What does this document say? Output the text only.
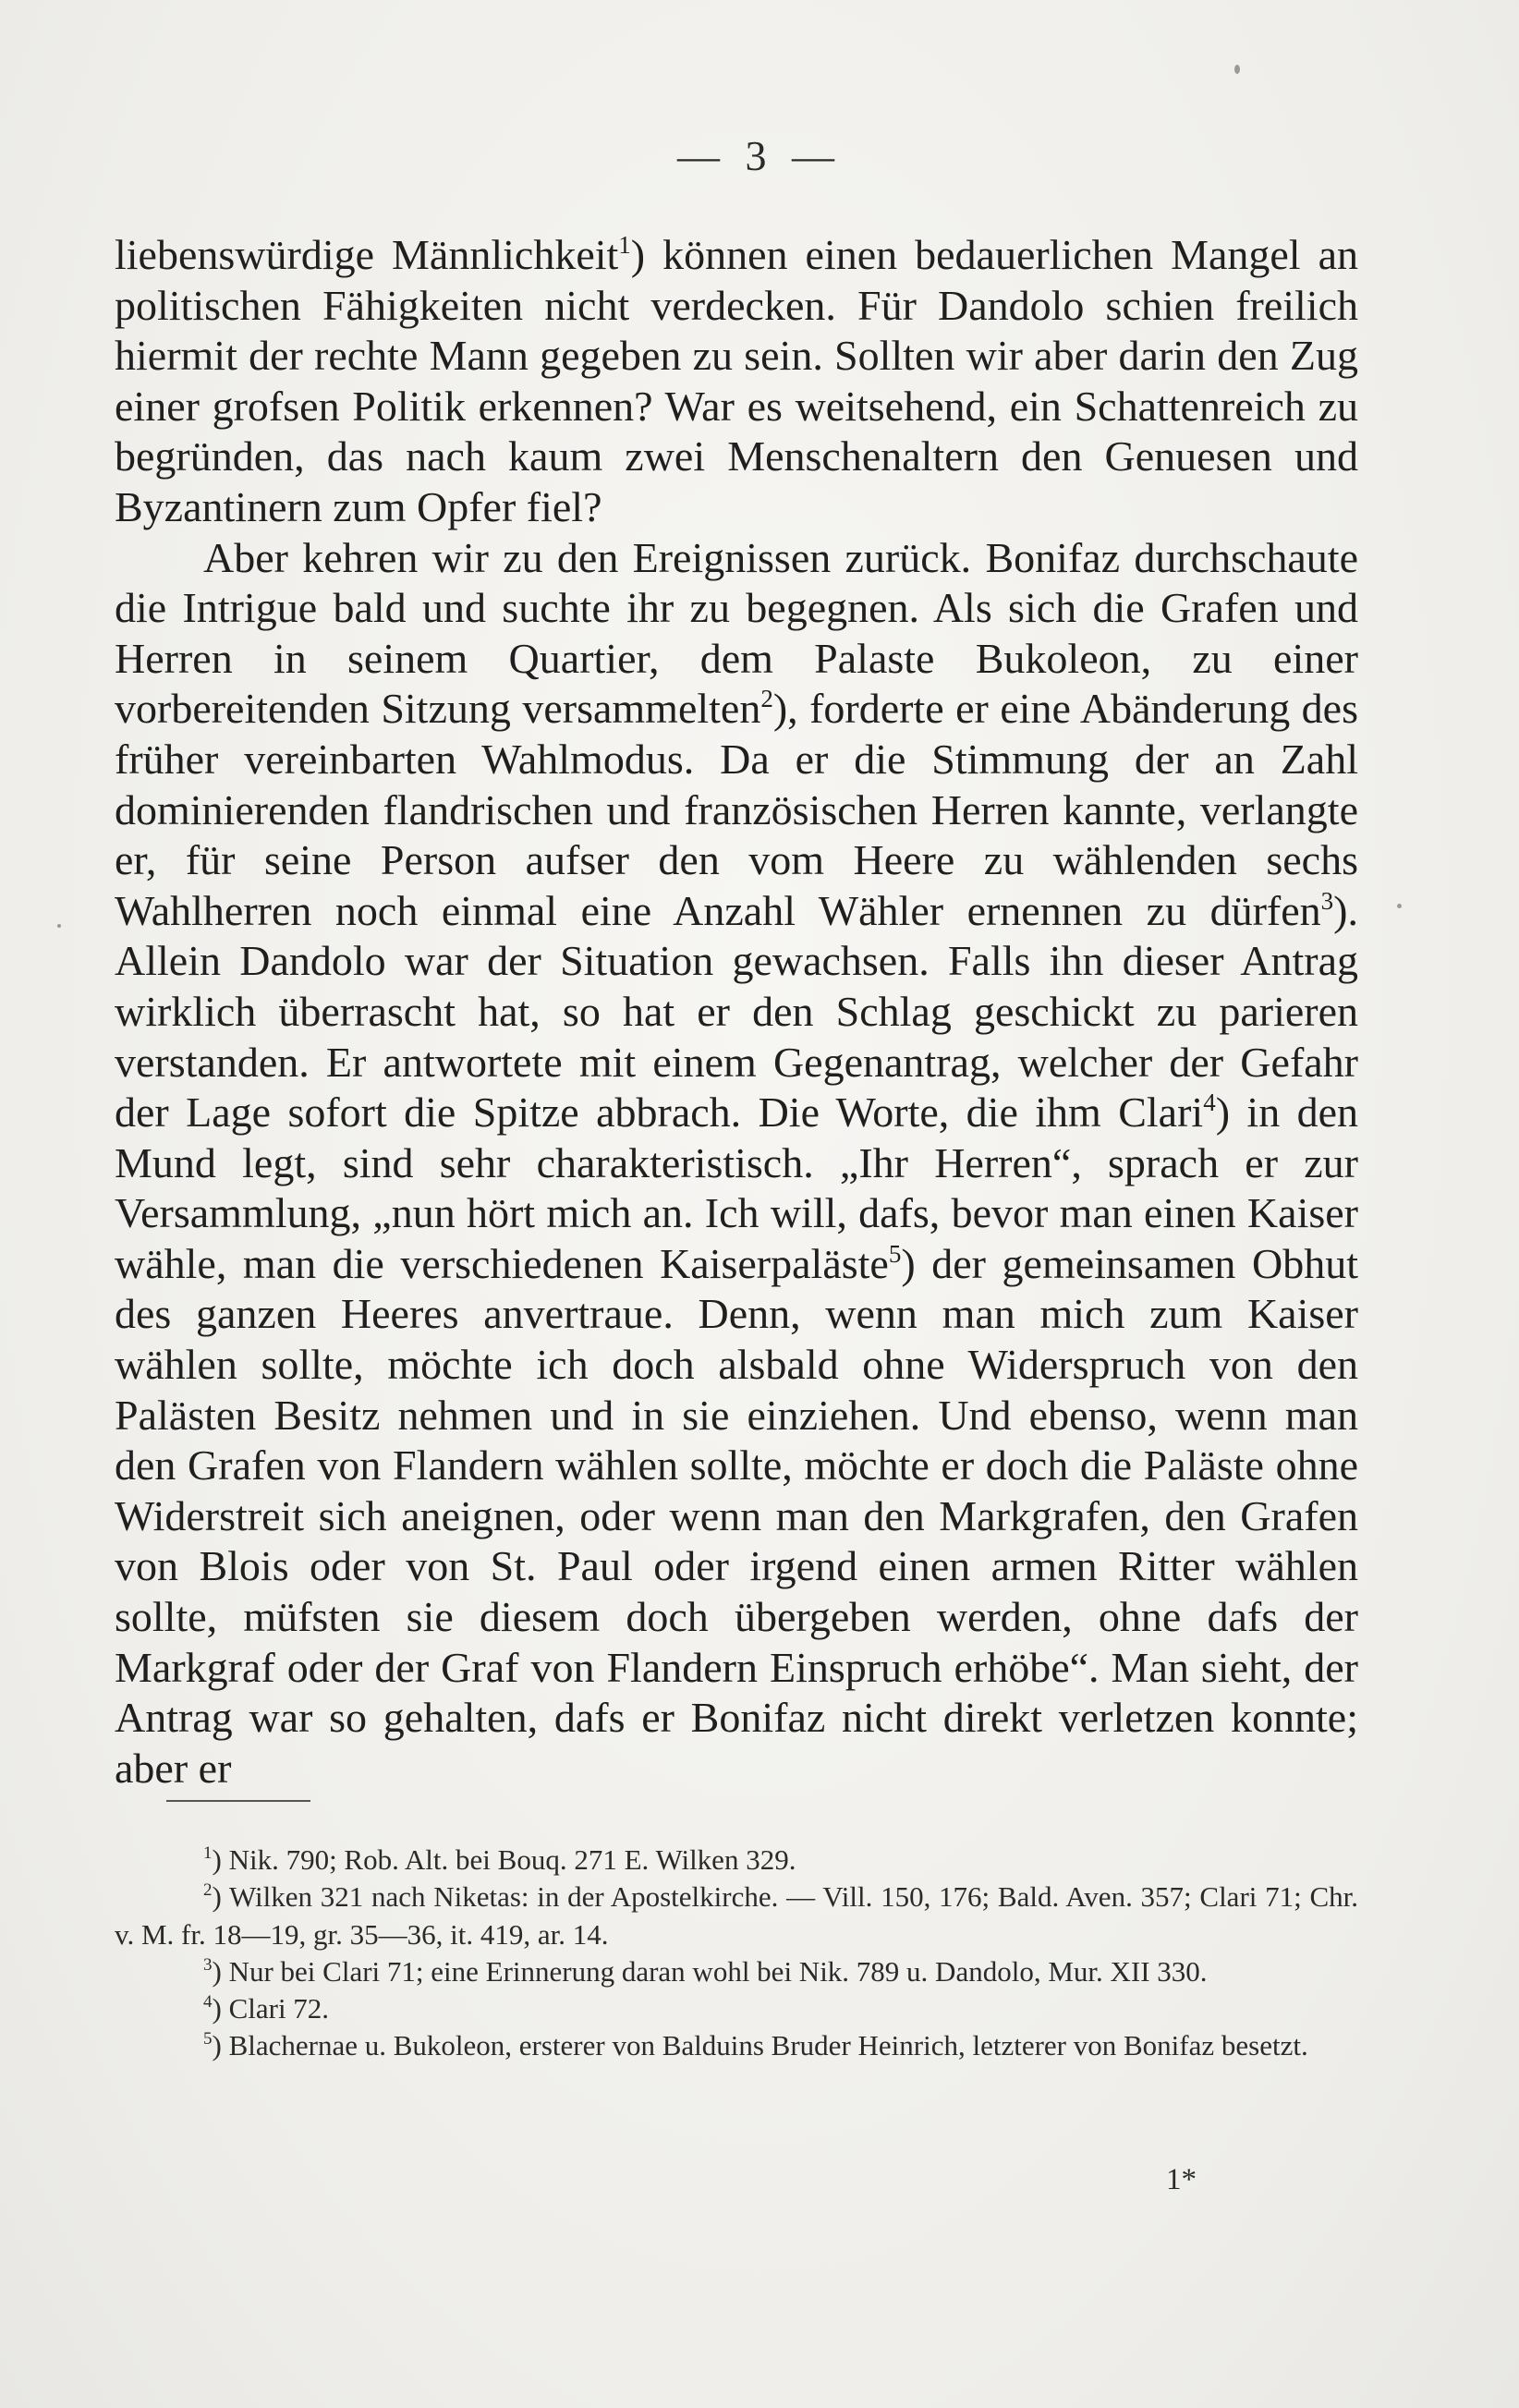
— 3 —

liebenswürdige Männlichkeit$^1$) können einen bedauerlichen Mangel an politischen Fähigkeiten nicht verdecken. Für Dandolo schien freilich hiermit der rechte Mann gegeben zu sein. Sollten wir aber darin den Zug einer grofsen Politik erkennen? War es weitsehend, ein Schattenreich zu begründen, das nach kaum zwei Menschenaltern den Genuesen und Byzantinern zum Opfer fiel?

Aber kehren wir zu den Ereignissen zurück. Bonifaz durchschaute die Intrigue bald und suchte ihr zu begegnen. Als sich die Grafen und Herren in seinem Quartier, dem Palaste Bukoleon, zu einer vorbereitenden Sitzung versammelten$^2$), forderte er eine Abänderung des früher vereinbarten Wahlmodus. Da er die Stimmung der an Zahl dominierenden flandrischen und französischen Herren kannte, verlangte er, für seine Person aufser den vom Heere zu wählenden sechs Wahlherren noch einmal eine Anzahl Wähler ernennen zu dürfen$^3$). Allein Dandolo war der Situation gewachsen. Falls ihn dieser Antrag wirklich überrascht hat, so hat er den Schlag geschickt zu parieren verstanden. Er antwortete mit einem Gegenantrag, welcher der Gefahr der Lage sofort die Spitze abbrach. Die Worte, die ihm Clari$^4$) in den Mund legt, sind sehr charakteristisch. „Ihr Herren“, sprach er zur Versammlung, „nun hört mich an. Ich will, dafs, bevor man einen Kaiser wähle, man die verschiedenen Kaiserpaläste$^5$) der gemeinsamen Obhut des ganzen Heeres anvertraue. Denn, wenn man mich zum Kaiser wählen sollte, möchte ich doch alsbald ohne Widerspruch von den Palästen Besitz nehmen und in sie einziehen. Und ebenso, wenn man den Grafen von Flandern wählen sollte, möchte er doch die Paläste ohne Widerstreit sich aneignen, oder wenn man den Markgrafen, den Grafen von Blois oder von St. Paul oder irgend einen armen Ritter wählen sollte, müfsten sie diesem doch übergeben werden, ohne dafs der Markgraf oder der Graf von Flandern Einspruch erhöbe“. Man sieht, der Antrag war so gehalten, dafs er Bonifaz nicht direkt verletzen konnte; aber er

$^1$) Nik. 790; Rob. Alt. bei Bouq. 271 E. Wilken 329.

$^2$) Wilken 321 nach Niketas: in der Apostelkirche. — Vill. 150, 176; Bald. Aven. 357; Clari 71; Chr. v. M. fr. 18—19, gr. 35—36, it. 419, ar. 14.

$^3$) Nur bei Clari 71; eine Erinnerung daran wohl bei Nik. 789 u. Dandolo, Mur. XII 330.

$^4$) Clari 72.

$^5$) Blachernae u. Bukoleon, ersterer von Balduins Bruder Heinrich, letzterer von Bonifaz besetzt.

1*
